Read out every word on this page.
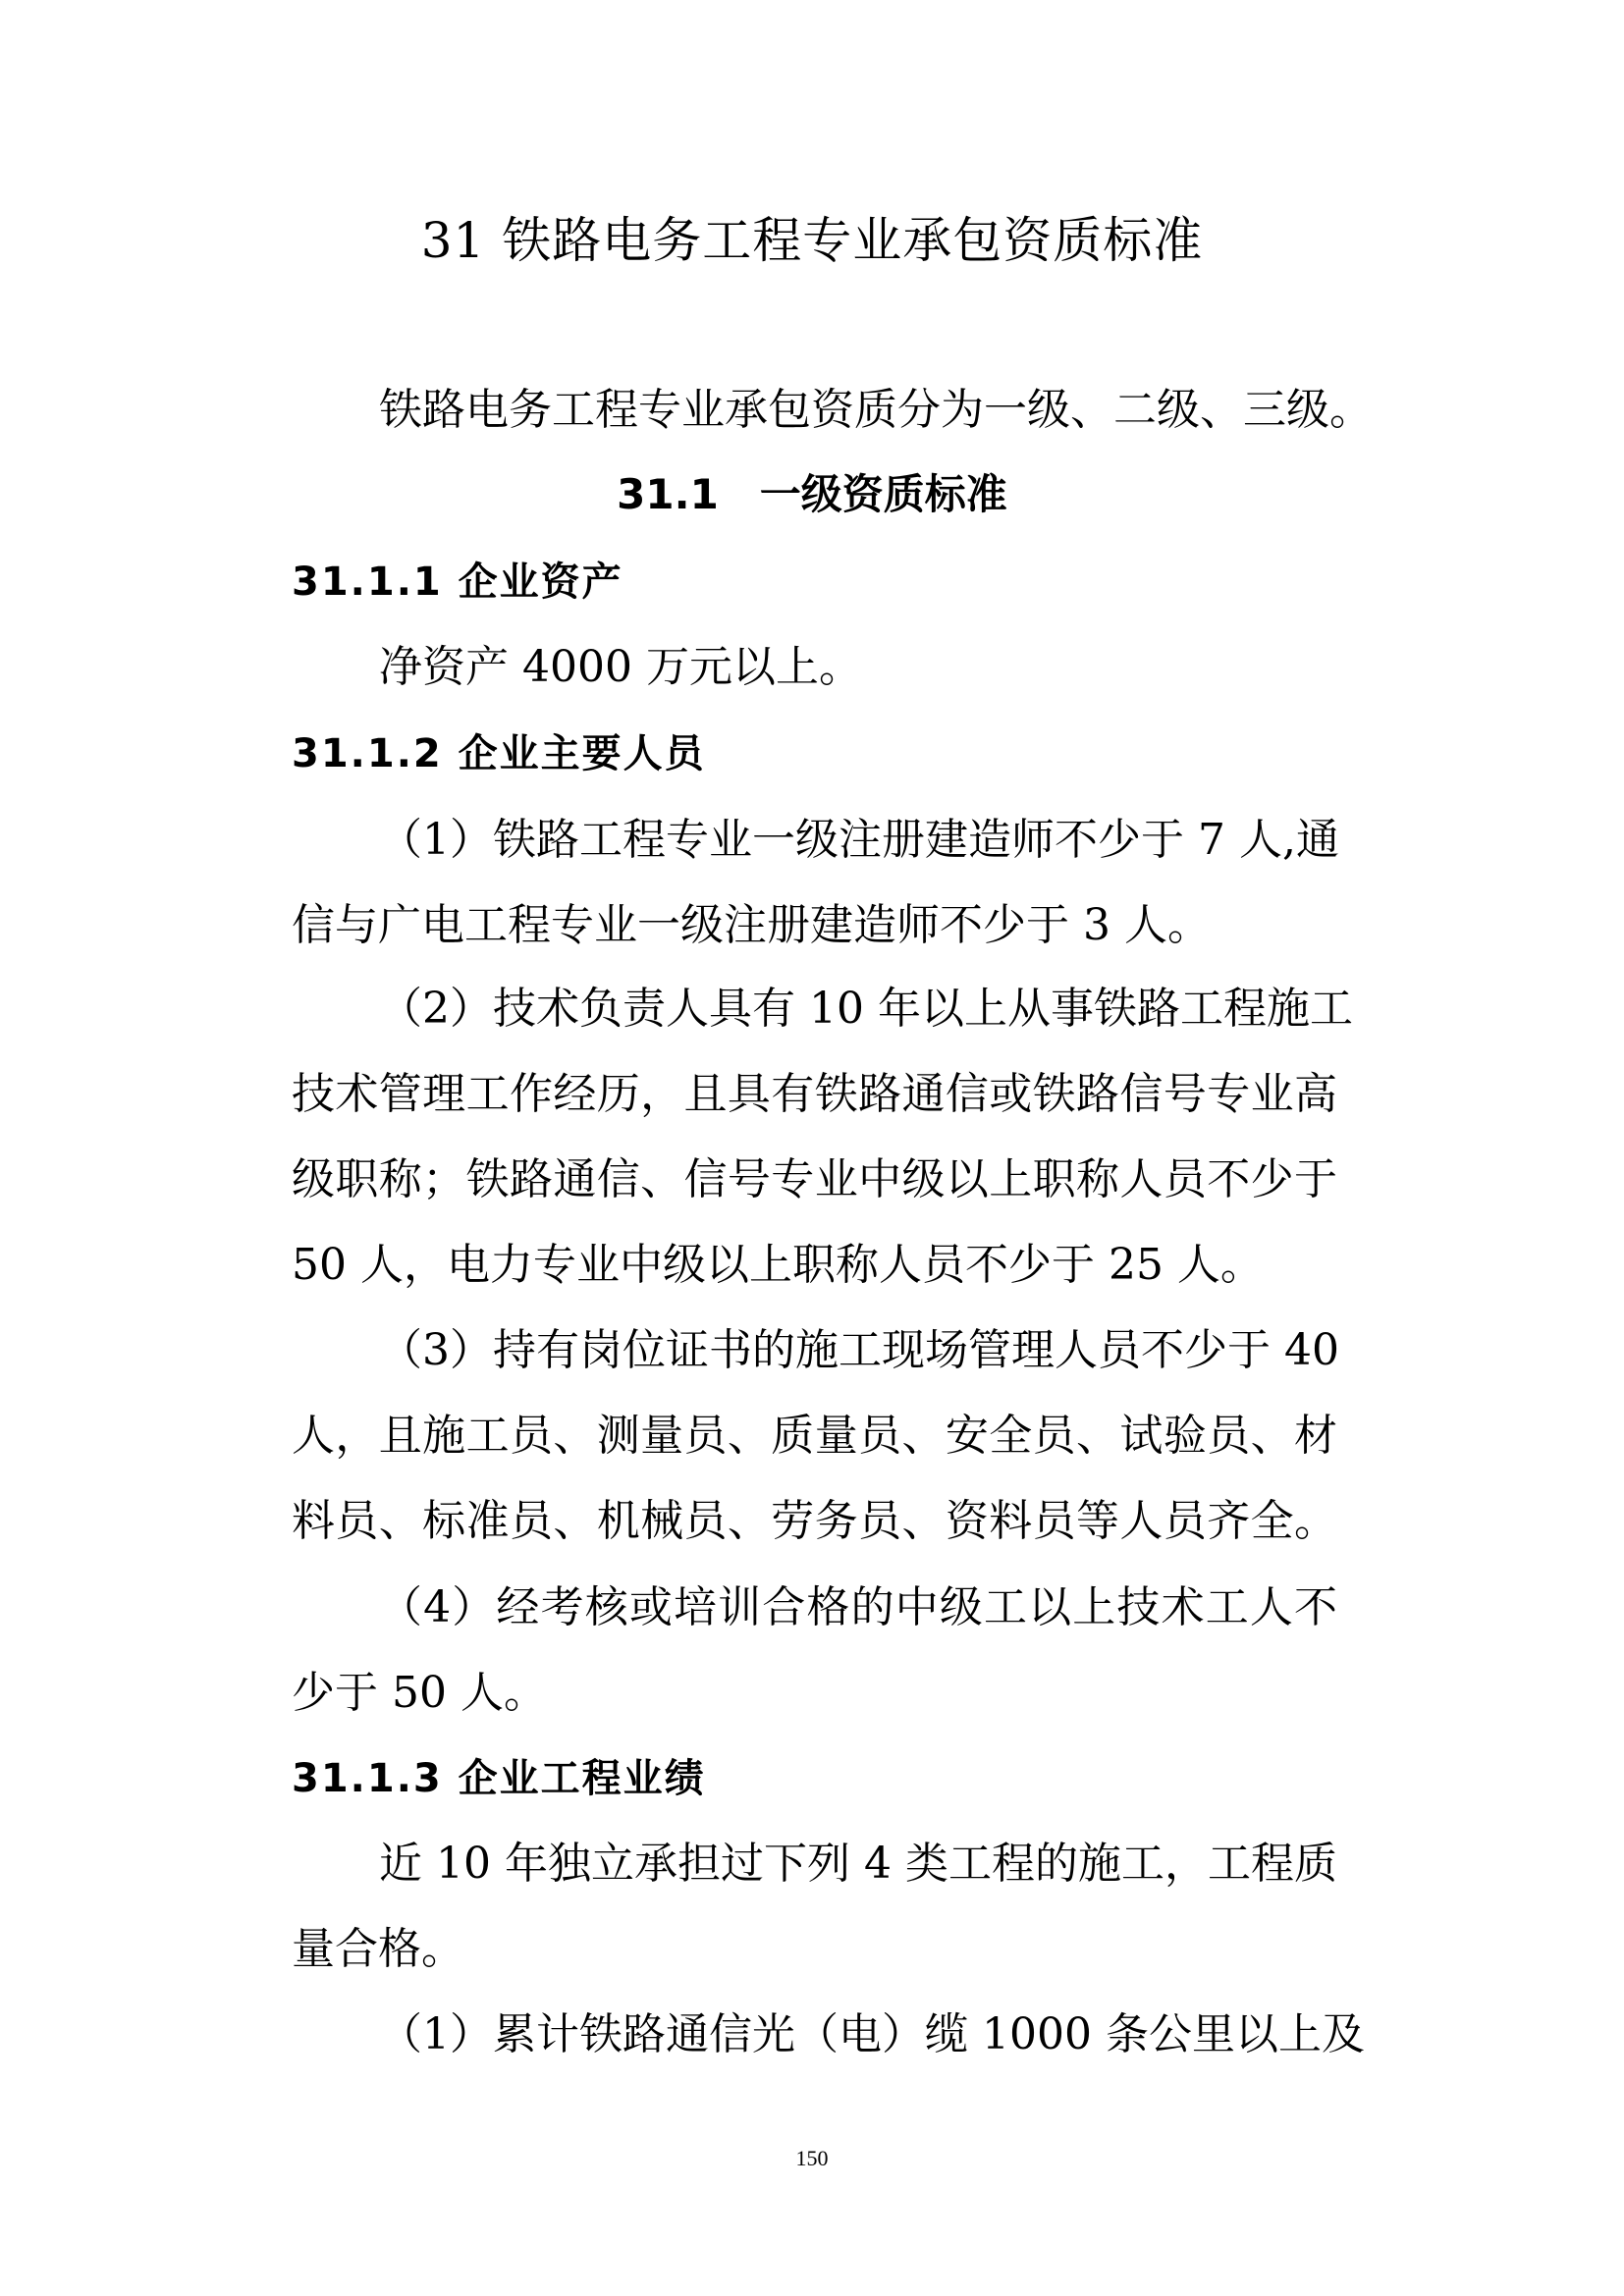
31 铁路电务工程专业承包资质标准
铁路电务工程专业承包资质分为一级、二级、三级。
31.1　一级资质标准
31.1.1 企业资产
净资产 4000 万元以上。
31.1.2 企业主要人员
（1）铁路工程专业一级注册建造师不少于 7 人,通
信与广电工程专业一级注册建造师不少于 3 人。
（2）技术负责人具有 10 年以上从事铁路工程施工
技术管理工作经历，且具有铁路通信或铁路信号专业高
级职称；铁路通信、信号专业中级以上职称人员不少于
50 人，电力专业中级以上职称人员不少于 25 人。
（3）持有岗位证书的施工现场管理人员不少于 40
人，且施工员、测量员、质量员、安全员、试验员、材
料员、标准员、机械员、劳务员、资料员等人员齐全。
（4）经考核或培训合格的中级工以上技术工人不
少于 50 人。
31.1.3 企业工程业绩
近 10 年独立承担过下列 4 类工程的施工，工程质
量合格。
（1）累计铁路通信光（电）缆 1000 条公里以上及
150
